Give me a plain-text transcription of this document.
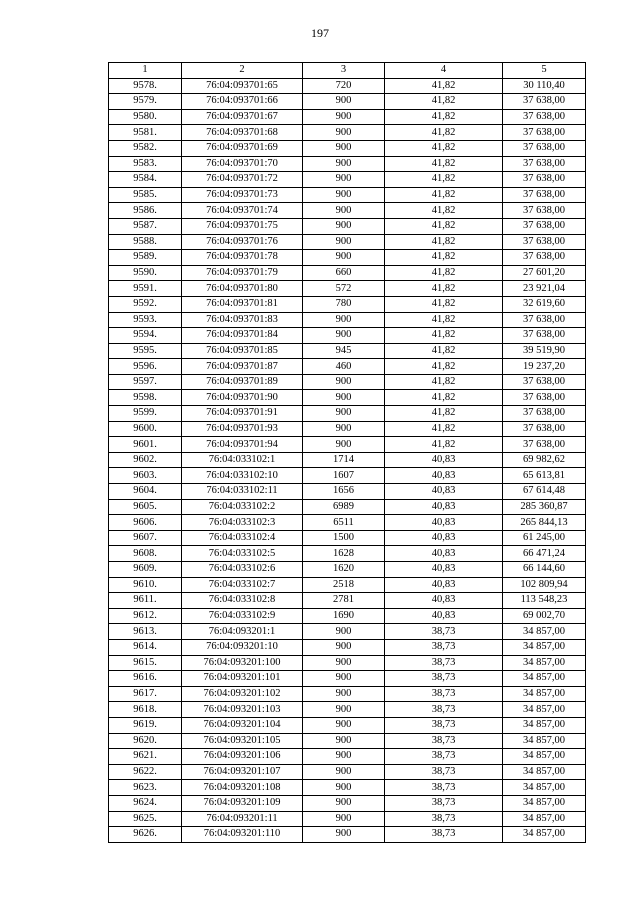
197
1	2	3	4	5
9578.	76:04:093701:65	720	41,82	30 110,40
9579.	76:04:093701:66	900	41,82	37 638,00
9580.	76:04:093701:67	900	41,82	37 638,00
9581.	76:04:093701:68	900	41,82	37 638,00
9582.	76:04:093701:69	900	41,82	37 638,00
9583.	76:04:093701:70	900	41,82	37 638,00
9584.	76:04:093701:72	900	41,82	37 638,00
9585.	76:04:093701:73	900	41,82	37 638,00
9586.	76:04:093701:74	900	41,82	37 638,00
9587.	76:04:093701:75	900	41,82	37 638,00
9588.	76:04:093701:76	900	41,82	37 638,00
9589.	76:04:093701:78	900	41,82	37 638,00
9590.	76:04:093701:79	660	41,82	27 601,20
9591.	76:04:093701:80	572	41,82	23 921,04
9592.	76:04:093701:81	780	41,82	32 619,60
9593.	76:04:093701:83	900	41,82	37 638,00
9594.	76:04:093701:84	900	41,82	37 638,00
9595.	76:04:093701:85	945	41,82	39 519,90
9596.	76:04:093701:87	460	41,82	19 237,20
9597.	76:04:093701:89	900	41,82	37 638,00
9598.	76:04:093701:90	900	41,82	37 638,00
9599.	76:04:093701:91	900	41,82	37 638,00
9600.	76:04:093701:93	900	41,82	37 638,00
9601.	76:04:093701:94	900	41,82	37 638,00
9602.	76:04:033102:1	1714	40,83	69 982,62
9603.	76:04:033102:10	1607	40,83	65 613,81
9604.	76:04:033102:11	1656	40,83	67 614,48
9605.	76:04:033102:2	6989	40,83	285 360,87
9606.	76:04:033102:3	6511	40,83	265 844,13
9607.	76:04:033102:4	1500	40,83	61 245,00
9608.	76:04:033102:5	1628	40,83	66 471,24
9609.	76:04:033102:6	1620	40,83	66 144,60
9610.	76:04:033102:7	2518	40,83	102 809,94
9611.	76:04:033102:8	2781	40,83	113 548,23
9612.	76:04:033102:9	1690	40,83	69 002,70
9613.	76:04:093201:1	900	38,73	34 857,00
9614.	76:04:093201:10	900	38,73	34 857,00
9615.	76:04:093201:100	900	38,73	34 857,00
9616.	76:04:093201:101	900	38,73	34 857,00
9617.	76:04:093201:102	900	38,73	34 857,00
9618.	76:04:093201:103	900	38,73	34 857,00
9619.	76:04:093201:104	900	38,73	34 857,00
9620.	76:04:093201:105	900	38,73	34 857,00
9621.	76:04:093201:106	900	38,73	34 857,00
9622.	76:04:093201:107	900	38,73	34 857,00
9623.	76:04:093201:108	900	38,73	34 857,00
9624.	76:04:093201:109	900	38,73	34 857,00
9625.	76:04:093201:11	900	38,73	34 857,00
9626.	76:04:093201:110	900	38,73	34 857,00
